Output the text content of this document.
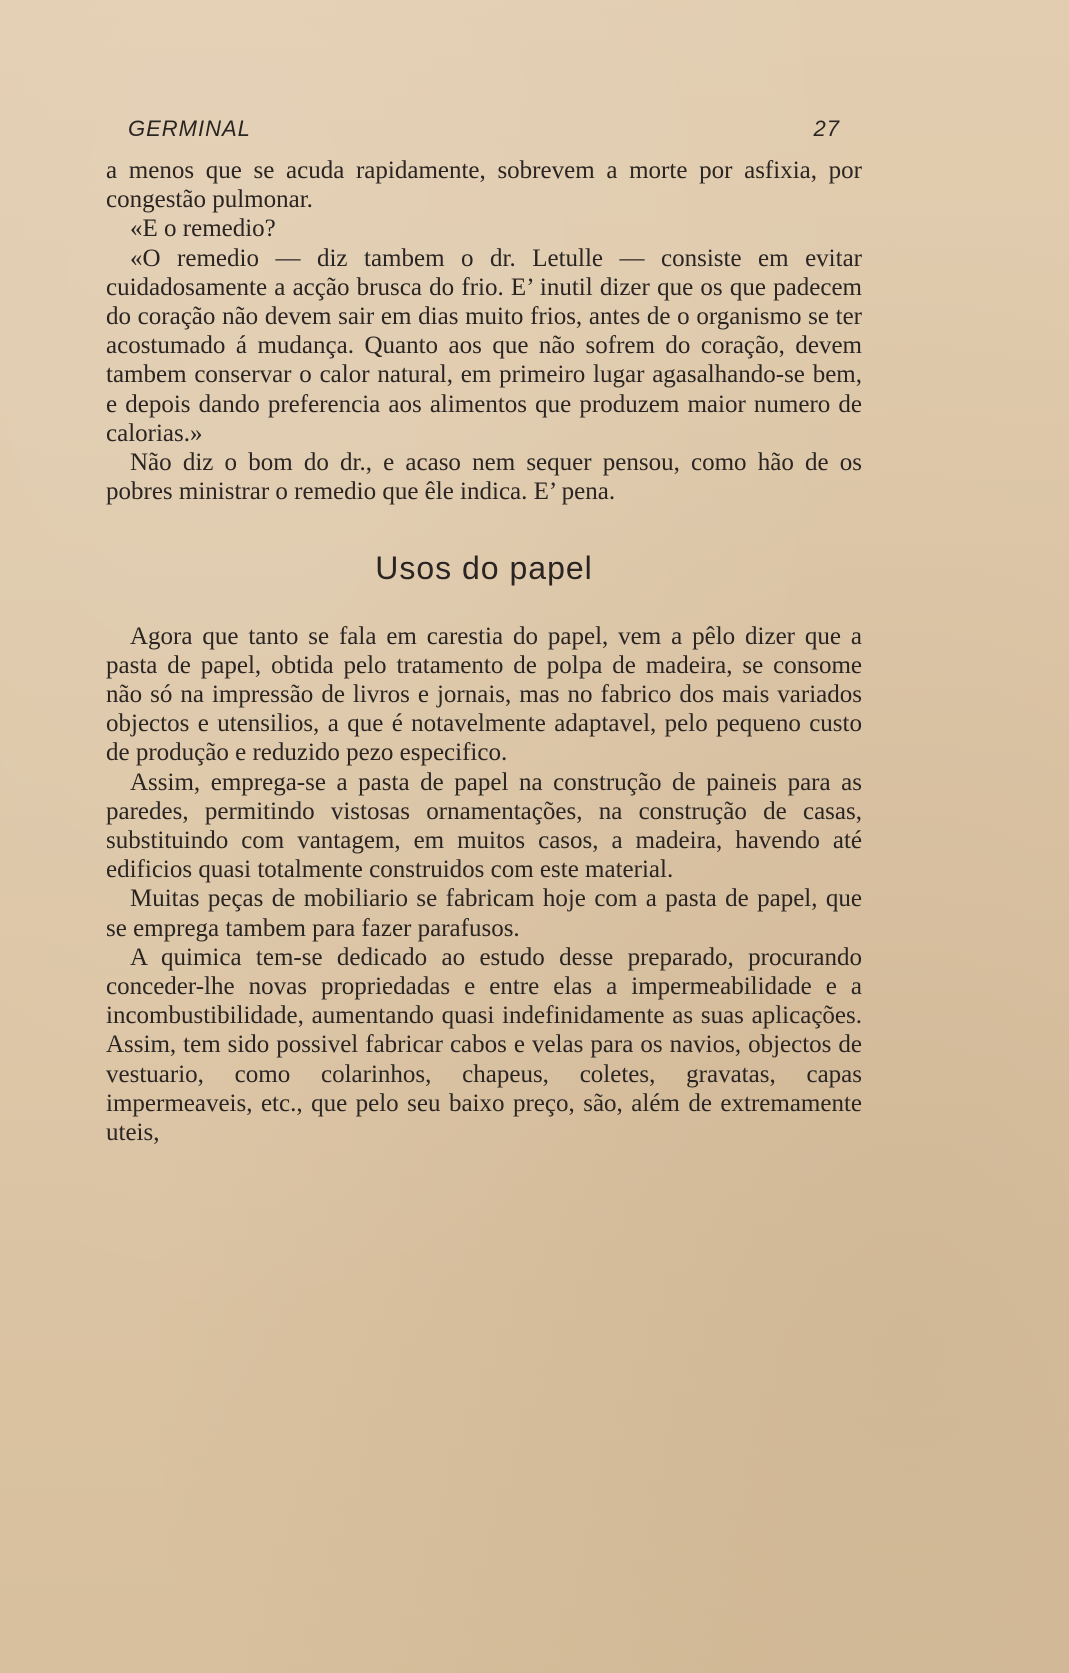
GERMINAL	27

a menos que se acuda rapidamente, sobrevem a morte por asfixia, por congestão pulmonar.

«E o remedio?

«O remedio — diz tambem o dr. Letulle — consiste em evitar cuidadosamente a acção brusca do frio. E’ inutil dizer que os que padecem do coração não devem sair em dias muito frios, antes de o organismo se ter acostumado á mudança. Quanto aos que não sofrem do coração, devem tambem conservar o calor natural, em primeiro lugar agasalhando-se bem, e depois dando preferencia aos alimentos que produzem maior numero de calorias.»

Não diz o bom do dr., e acaso nem sequer pensou, como hão de os pobres ministrar o remedio que êle indica. E’ pena.

Usos do papel

Agora que tanto se fala em carestia do papel, vem a pêlo dizer que a pasta de papel, obtida pelo tratamento de polpa de madeira, se consome não só na impressão de livros e jornais, mas no fabrico dos mais variados objectos e utensilios, a que é notavelmente adaptavel, pelo pequeno custo de produção e reduzido pezo especifico.

Assim, emprega-se a pasta de papel na construção de paineis para as paredes, permitindo vistosas ornamentações, na construção de casas, substituindo com vantagem, em muitos casos, a madeira, havendo até edificios quasi totalmente construidos com este material.

Muitas peças de mobiliario se fabricam hoje com a pasta de papel, que se emprega tambem para fazer parafusos.

A quimica tem-se dedicado ao estudo desse preparado, procurando conceder-lhe novas propriedadas e entre elas a impermeabilidade e a incombustibilidade, aumentando quasi indefinidamente as suas aplicações. Assim, tem sido possivel fabricar cabos e velas para os navios, objectos de vestuario, como colarinhos, chapeus, coletes, gravatas, capas impermeaveis, etc., que pelo seu baixo preço, são, além de extremamente uteis,
